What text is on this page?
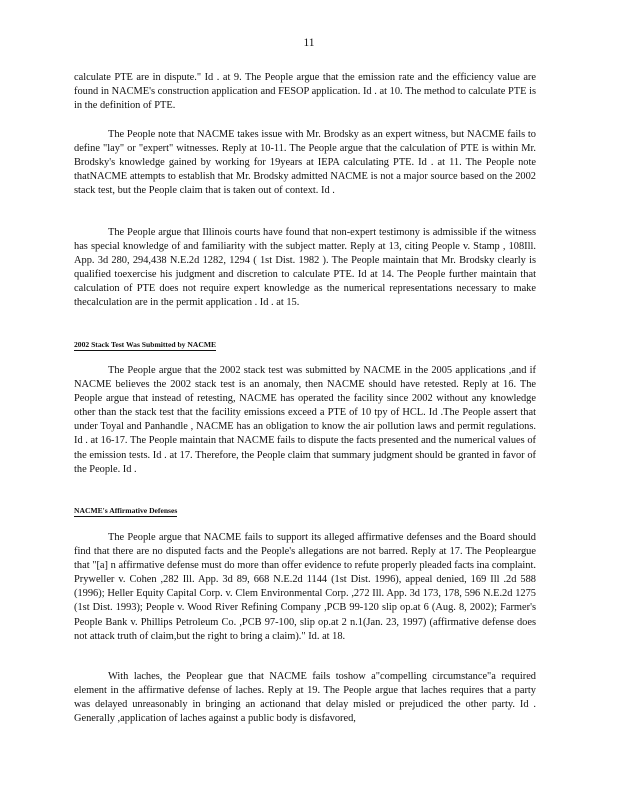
11

calculate PTE are in dispute." Id . at 9. The People argue that the emission rate and the efficiency value are found in NACME's construction application and FESOP application. Id . at 10. The method to calculate PTE is in the definition of PTE.

The People note that NACME takes issue with Mr. Brodsky as an expert witness, but NACME fails to define "lay" or "expert" witnesses. Reply at 10-11. The People argue that the calculation of PTE is within Mr. Brodsky's knowledge gained by working for 19years at IEPA calculating PTE. Id . at 11. The People note thatNACME attempts to establish that Mr. Brodsky admitted NACME is not a major source based on the 2002 stack test, but the People claim that is taken out of context. Id .

The People argue that Illinois courts have found that non-expert testimony is admissible if the witness has special knowledge of and familiarity with the subject matter. Reply at 13, citing People v. Stamp , 108Ill. App. 3d 280, 294,438 N.E.2d 1282, 1294 ( 1st Dist. 1982 ). The People maintain that Mr. Brodsky clearly is qualified toexercise his judgment and discretion to calculate PTE. Id at 14. The People further maintain that calculation of PTE does not require expert knowledge as the numerical representations necessary to make thecalculation are in the permit application . Id . at 15.

2002 Stack Test Was Submitted by NACME

The People argue that the 2002 stack test was submitted by NACME in the 2005 applications ,and if NACME believes the 2002 stack test is an anomaly, then NACME should have retested. Reply at 16. The People argue that instead of retesting, NACME has operated the facility since 2002 without any knowledge other than the stack test that the facility emissions exceed a PTE of 10 tpy of HCL. Id .The People assert that under Toyal and Panhandle , NACME has an obligation to know the air pollution laws and permit regulations. Id . at 16-17. The People maintain that NACME fails to dispute the facts presented and the numerical values of the emission tests. Id . at 17. Therefore, the People claim that summary judgment should be granted in favor of the People. Id .

NACME's Affirmative Defenses

The People argue that NACME fails to support its alleged affirmative defenses and the Board should find that there are no disputed facts and the People's allegations are not barred. Reply at 17. The Peopleargue that "[a] n affirmative defense must do more than offer evidence to refute properly pleaded facts ina complaint. Pryweller v. Cohen ,282 Ill. App. 3d 89, 668 N.E.2d 1144 (1st Dist. 1996), appeal denied, 169 Ill .2d 588 (1996); Heller Equity Capital Corp. v. Clem Environmental Corp. ,272 Ill. App. 3d 173, 178, 596 N.E.2d 1275 (1st Dist. 1993); People v. Wood River Refining Company ,PCB 99-120 slip op.at 6 (Aug. 8, 2002); Farmer's People Bank v. Phillips Petroleum Co. ,PCB 97-100, slip op.at 2 n.1(Jan. 23, 1997) (affirmative defense does not attack truth of claim,but the right to bring a claim)." Id. at 18.

With laches, the Peoplear gue that NACME fails toshow a"compelling circumstance"a required element in the affirmative defense of laches. Reply at 19. The People argue that laches requires that a party was delayed unreasonably in bringing an actionand that delay misled or prejudiced the other party. Id . Generally ,application of laches against a public body is disfavored,
